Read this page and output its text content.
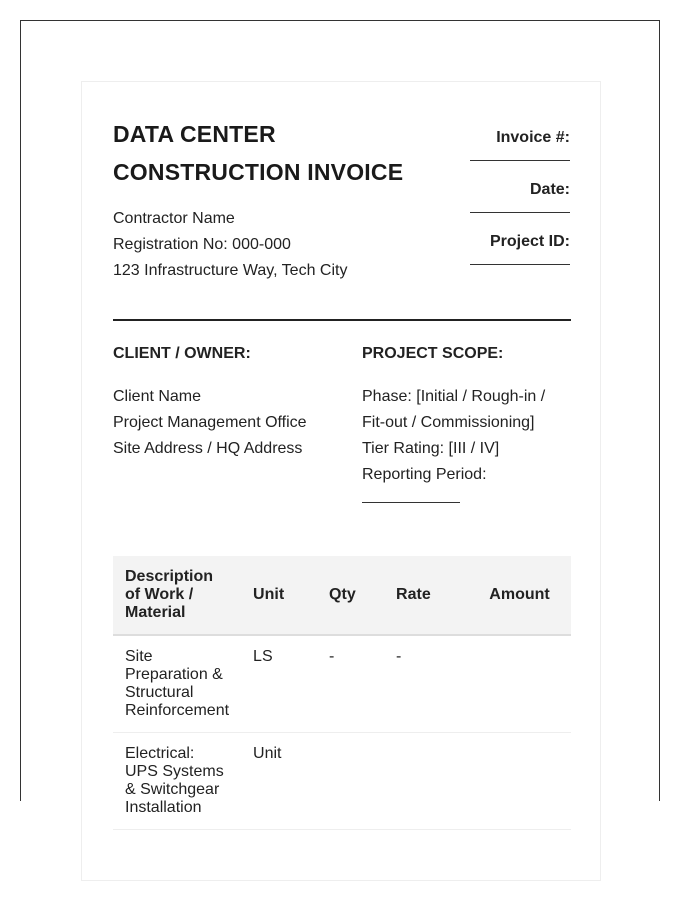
DATA CENTER
CONSTRUCTION INVOICE
Contractor Name
Registration No: 000-000
123 Infrastructure Way, Tech City
Invoice #:
Date:
Project ID:
CLIENT / OWNER:
Client Name
Project Management Office
Site Address / HQ Address
PROJECT SCOPE:
Phase: [Initial / Rough-in / Fit-out / Commissioning]
Tier Rating: [III / IV]
Reporting Period:
Description of Work / Material	Unit	Qty	Rate	Amount
Site Preparation & Structural Reinforcement	LS	-	-	
Electrical: UPS Systems & Switchgear Installation	Unit			
